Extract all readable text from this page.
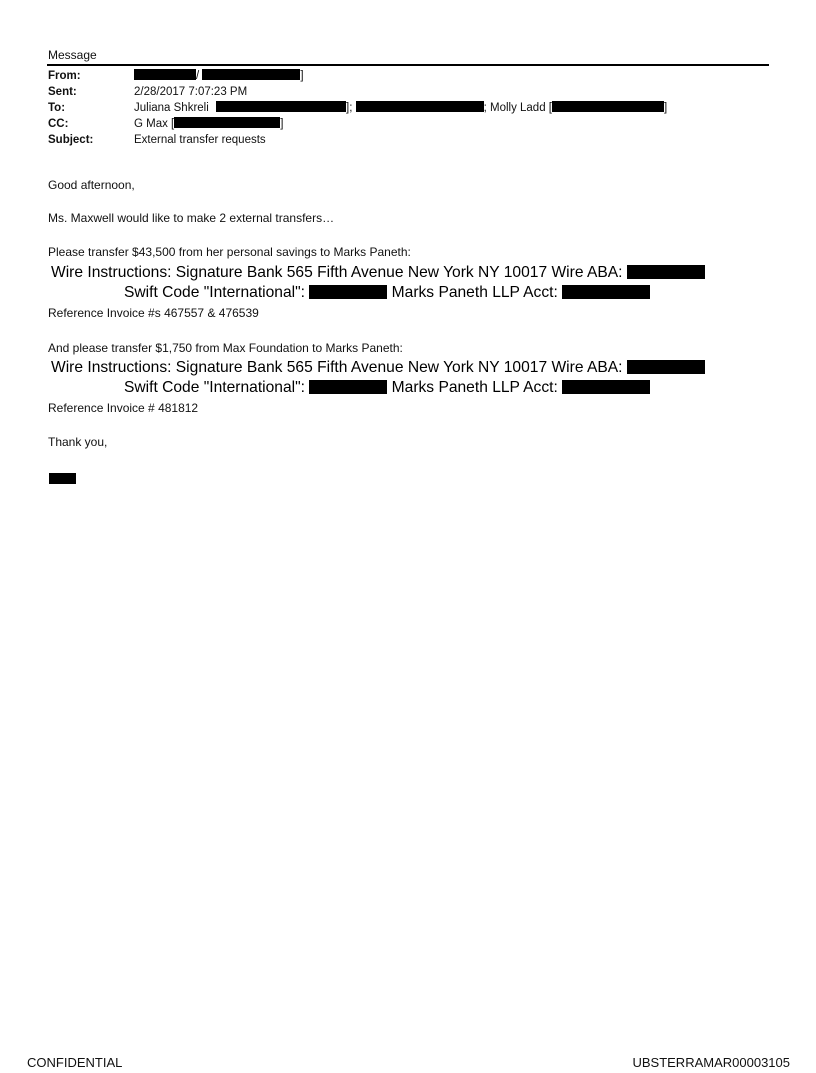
Message
From:	/	]
Sent:	2/28/2017 7:07:23 PM
To:	Juliana Shkreli	];	; Molly Ladd [	]
CC:	G Max [	]
Subject:	External transfer requests
Good afternoon,
Ms. Maxwell would like to make 2 external transfers…
Please transfer $43,500 from her personal savings to Marks Paneth:
Wire Instructions: Signature Bank 565 Fifth Avenue New York NY 10017 Wire ABA:
Swift Code "International":	Marks Paneth LLP Acct:
Reference Invoice #s 467557 & 476539
And please transfer $1,750 from Max Foundation to Marks Paneth:
Wire Instructions: Signature Bank 565 Fifth Avenue New York NY 10017 Wire ABA:
Swift Code "International":	Marks Paneth LLP Acct:
Reference Invoice # 481812
Thank you,
CONFIDENTIAL	UBSTERRAMAR00003105
